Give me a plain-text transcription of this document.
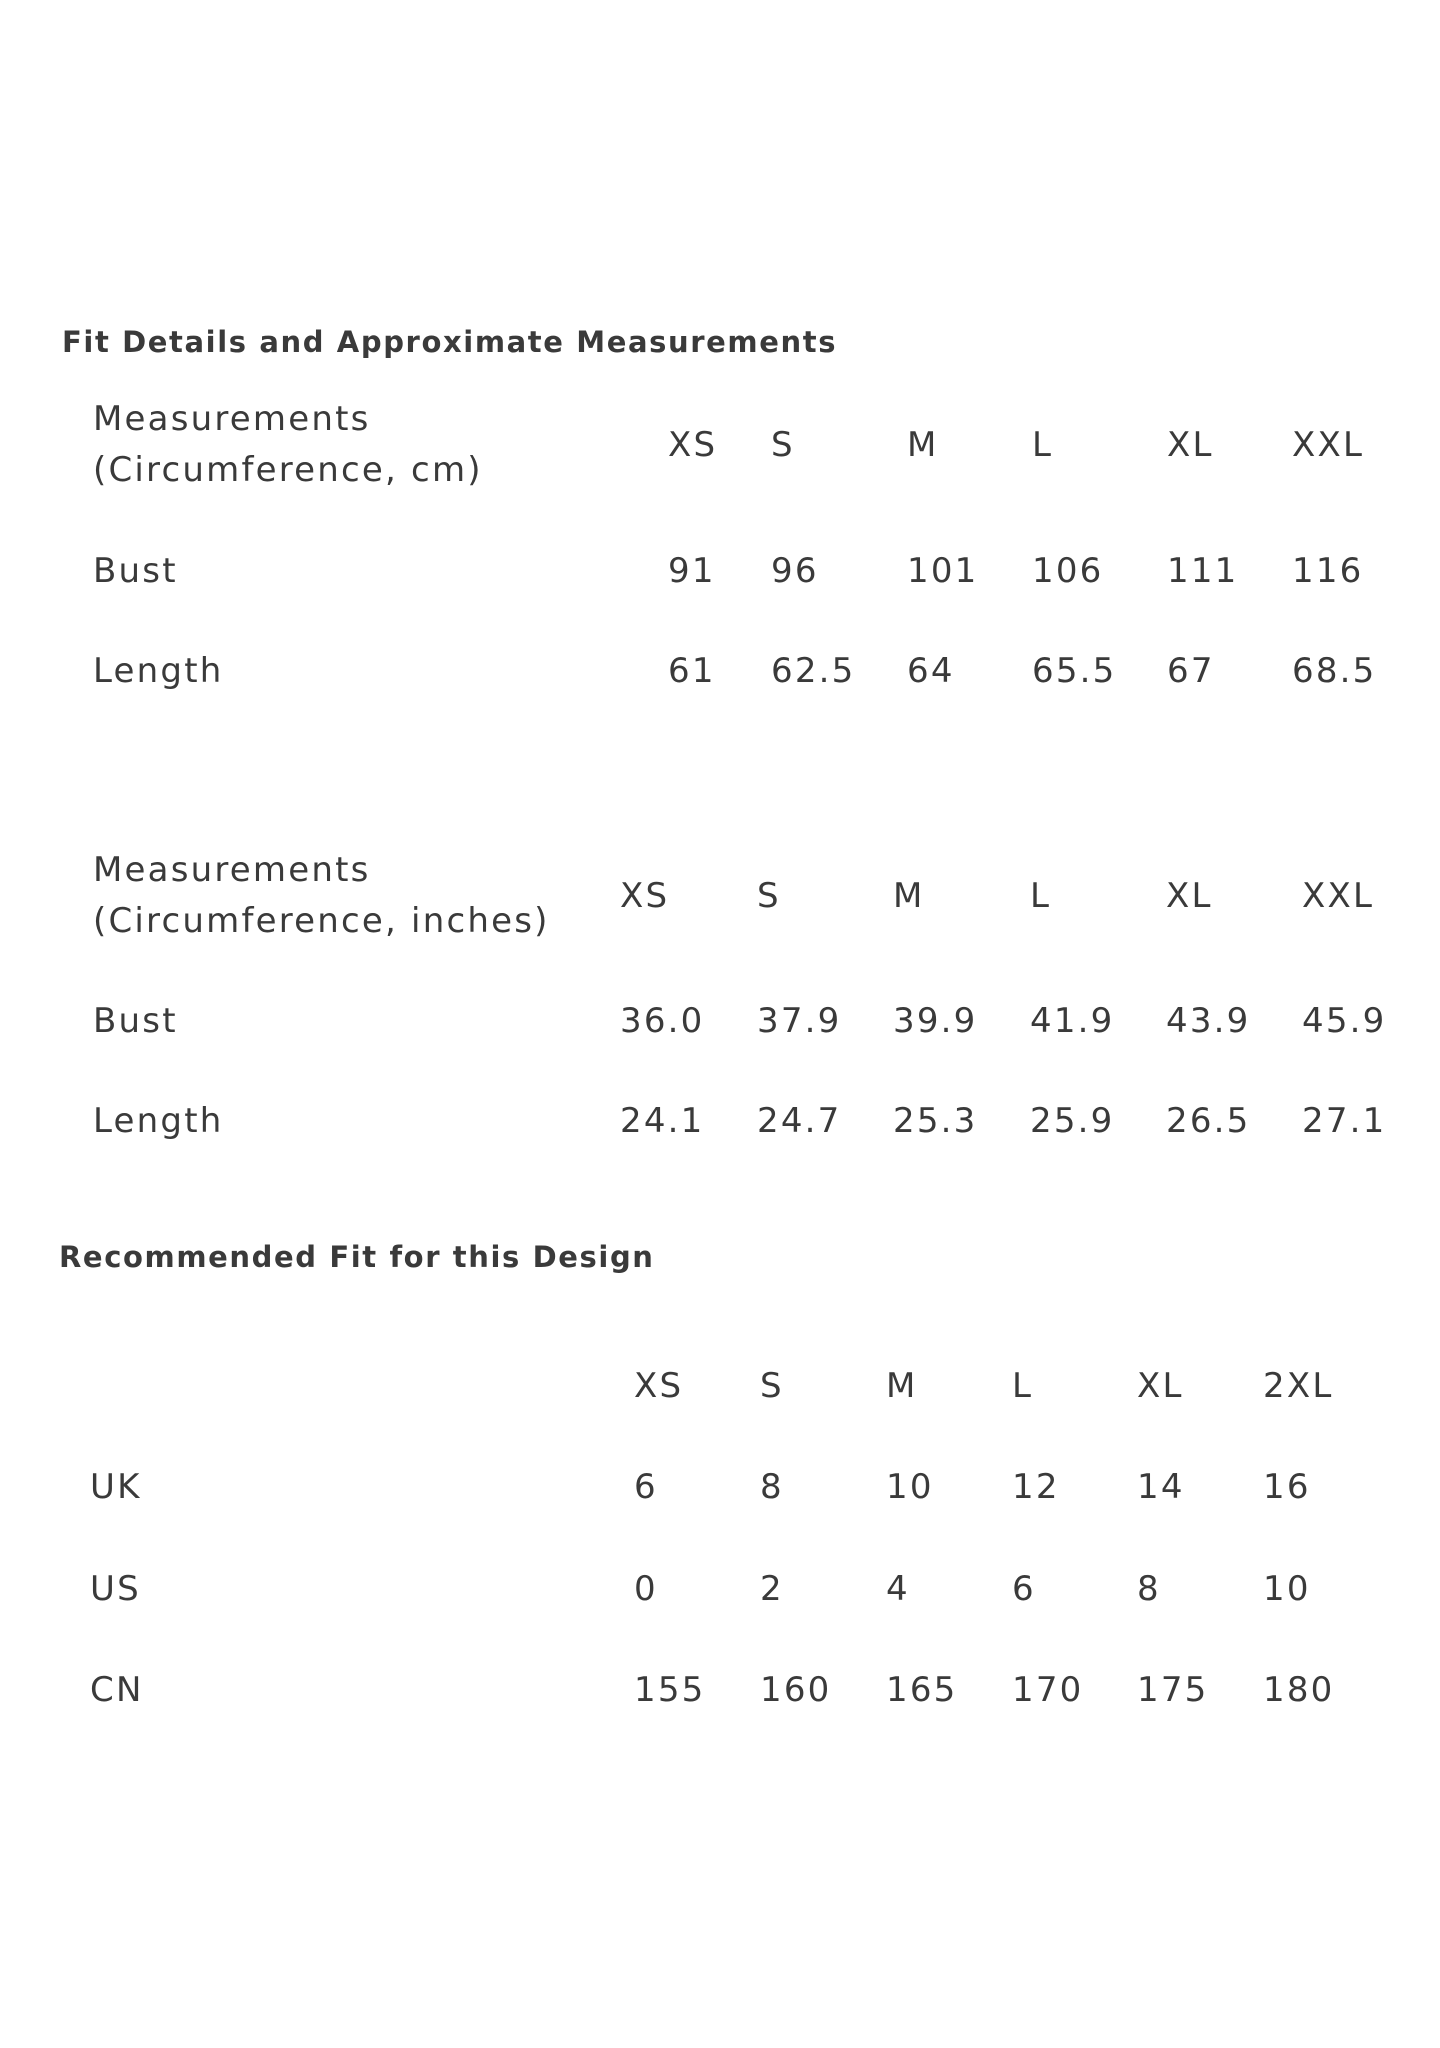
Fit Details and Approximate Measurements
Measurements
(Circumference, cm)
XS S	M	L	XL XXL
Bust	91 96	101 106 111 116
Length	61 62.5 64 65.5 67 68.5
Measurements
(Circumference, inches)
XS	S	M	L	XL	XXL
Bust	36.0 37.9 39.9 41.9 43.9 45.9
Length	24.1 24.7 25.3 25.9 26.5 27.1
Recommended Fit for this Design
XS S	M	L	XL 2XL
UK	6	8	10 12 14 16
US	0	2	4	6	8	10
CN	155 160 165 170 175 180
